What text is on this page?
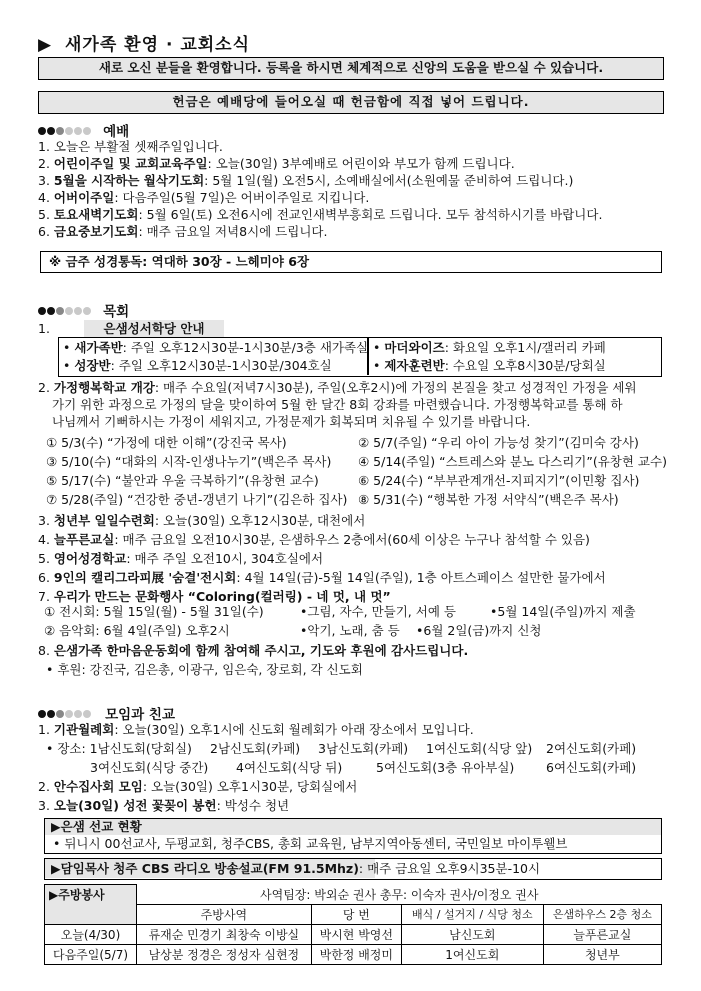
▶ 새가족 환영 · 교회소식
새로 오신 분들을 환영합니다. 등록을 하시면 체계적으로 신앙의 도움을 받으실 수 있습니다.
헌금은 예배당에 들어오실 때 헌금함에 직접 넣어 드립니다.
예배
1. 오늘은 부활절 셋째주일입니다.
2. 어린이주일 및 교회교육주일: 오늘(30일) 3부예배로 어린이와 부모가 함께 드립니다.
3. 5월을 시작하는 월삭기도회: 5월 1일(월) 오전5시, 소예배실에서(소원예물 준비하여 드립니다.)
4. 어버이주일: 다음주일(5월 7일)은 어버이주일로 지킵니다.
5. 토요새벽기도회: 5월 6일(토) 오전6시에 전교인새벽부흥회로 드립니다. 모두 참석하시기를 바랍니다.
6. 금요중보기도회: 매주 금요일 저녁8시에 드립니다.
※ 금주 성경통독: 역대하 30장 - 느헤미야 6장
목회
1.	은샘성서학당 안내
• 새가족반: 주일 오후12시30분-1시30분/3층 새가족실 • 마더와이즈: 화요일 오후1시/갤러리 카페
• 성장반: 주일 오후12시30분-1시30분/304호실	• 제자훈련반: 수요일 오후8시30분/당회실
2. 가정행복학교 개강: 매주 수요일(저녁7시30분), 주일(오후2시)에 가정의 본질을 찾고 성경적인 가정을 세워
가기 위한 과정으로 가정의 달을 맞이하여 5월 한 달간 8회 강좌를 마련했습니다. 가정행복학교를 통해 하
나님께서 기뻐하시는 가정이 세워지고, 가정문제가 회복되며 치유될 수 있기를 바랍니다.
① 5/3(수) “가정에 대한 이해”(강진국 목사)	② 5/7(주일) “우리 아이 가능성 찾기”(김미숙 강사)
③ 5/10(수) “대화의 시작-인생나누기”(백은주 목사) ④ 5/14(주일) “스트레스와 분노 다스리기”(유창현 교수)
⑤ 5/17(수) “불안과 우울 극복하기”(유창현 교수)	⑥ 5/24(수) “부부관계개선-지피지기”(이민황 집사)
⑦ 5/28(주일) “건강한 중년-갱년기 나기”(김은하 집사) ⑧ 5/31(수) “행복한 가정 서약식”(백은주 목사)
3. 청년부 일일수련회: 오늘(30일) 오후12시30분, 대천에서
4. 늘푸른교실: 매주 금요일 오전10시30분, 은샘하우스 2층에서(60세 이상은 누구나 참석할 수 있음)
5. 영어성경학교: 매주 주일 오전10시, 304호실에서
6. 9인의 캘리그라피展 '숨결'전시회: 4월 14일(금)-5월 14일(주일), 1층 아트스페이스 설만한 물가에서
7. 우리가 만드는 문화행사 “Coloring(컬러링) - 네 멋, 내 멋”
① 전시회: 5월 15일(월) - 5월 31일(수)	•그림, 자수, 만들기, 서예 등	•5월 14일(주일)까지 제출
② 음악회: 6월 4일(주일) 오후2시	•악기, 노래, 춤 등 •6월 2일(금)까지 신청
8. 은샘가족 한마음운동회에 함께 참여해 주시고, 기도와 후원에 감사드립니다.
• 후원: 강진국, 김은총, 이광구, 임은숙, 장로회, 각 신도회
모임과 친교
1. 기관월례회: 오늘(30일) 오후1시에 신도회 월례회가 아래 장소에서 모입니다.
• 장소: 1남신도회(당회실) 2남신도회(카페) 3남신도회(카페) 1여신도회(식당 앞) 2여신도회(카페)
3여신도회(식당 중간) 4여신도회(식당 뒤)	5여신도회(3층 유아부실)	6여신도회(카페)
2. 안수집사회 모임: 오늘(30일) 오후1시30분, 당회실에서
3. 오늘(30일) 성전 꽃꽂이 봉헌: 박성수 청년
▶은샘 선교 현황
• 뒤니시 00선교사, 두평교회, 청주CBS, 총회 교육원, 남부지역아동센터, 국민일보 마이투웰브
▶담임목사 청주 CBS 라디오 방송설교(FM 91.5Mhz): 매주 금요일 오후9시35분-10시
▶주방봉사	사역팀장: 박외순 권사 총무: 이숙자 권사/이정오 권사			
	주방사역	당 번	배식 / 설거지 / 식당 청소	은샘하우스 2층 청소
오늘(4/30)	류재순 민경기 최창숙 이방실	박시현 박영선	남신도회	늘푸른교실
다음주일(5/7)	남상분 정경은 정성자 심현정	박한정 배정미	1여신도회	청년부
